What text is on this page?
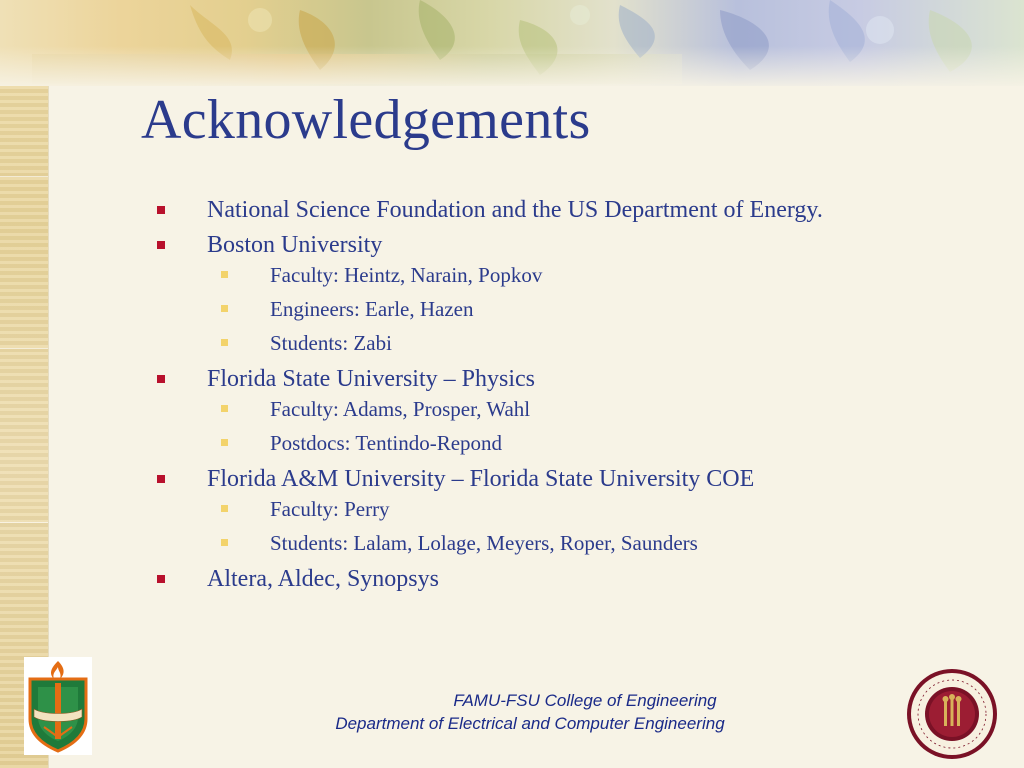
Acknowledgements
National Science Foundation and the US Department of Energy.
Boston University
Faculty: Heintz, Narain, Popkov
Engineers: Earle, Hazen
Students: Zabi
Florida State University – Physics
Faculty: Adams, Prosper, Wahl
Postdocs: Tentindo-Repond
Florida A&M University – Florida State University COE
Faculty: Perry
Students: Lalam, Lolage, Meyers, Roper, Saunders
Altera, Aldec, Synopsys
FAMU-FSU College of Engineering
Department of Electrical and Computer Engineering
